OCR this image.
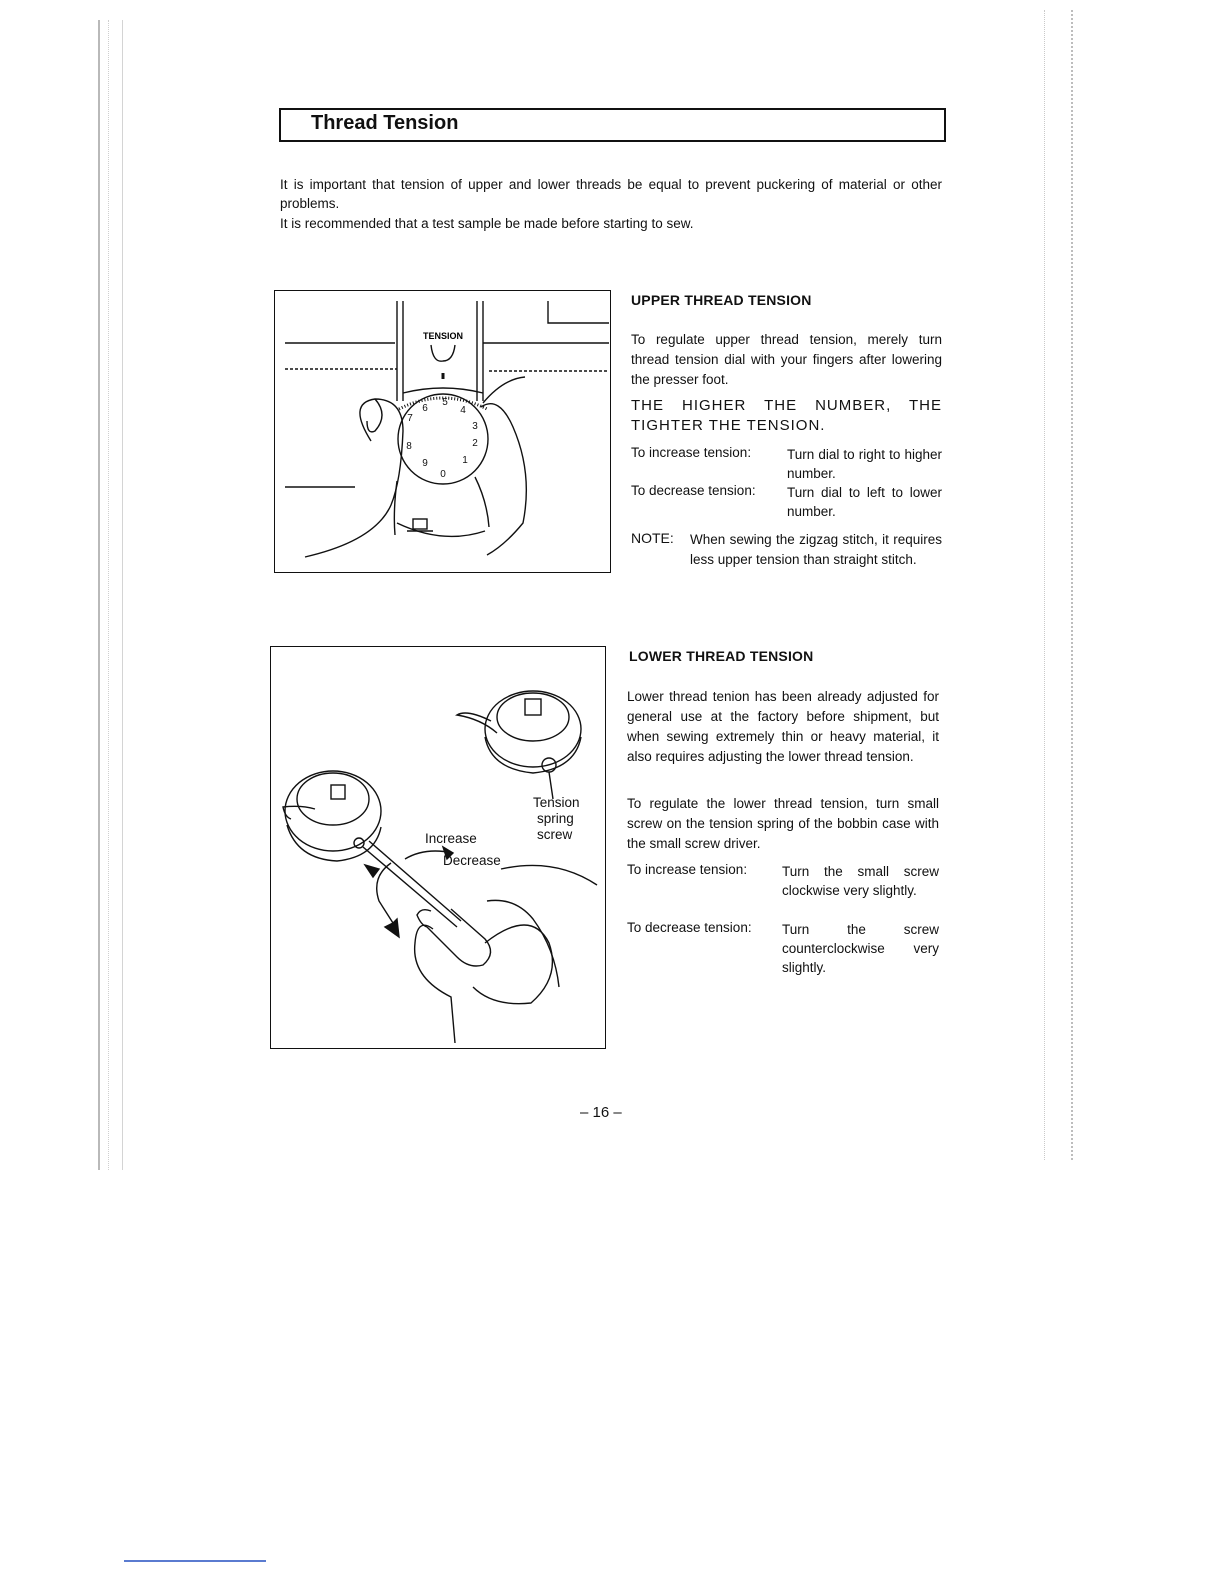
Thread Tension
It is important that tension of upper and lower threads be equal to prevent puckering of material or other problems.
It is recommended that a test sample be made before starting to sew.
TENSION
0
1
2
3
4
5
6
7
8
9
UPPER THREAD TENSION
To regulate upper thread tension, merely turn thread tension dial with your fingers after lowering the presser foot.
THE HIGHER THE NUMBER, THE TIGHTER THE TENSION.
To increase tension:	Turn dial to right to higher number.
To decrease tension: Turn dial to left to lower number.
NOTE: When sewing the zigzag stitch, it requires less upper tension than straight stitch.
Tension
spring
screw
Increase
Decrease
LOWER THREAD TENSION
Lower thread tenion has been already adjusted for general use at the factory before shipment, but when sewing extremely thin or heavy material, it also requires adjusting the lower thread tension.
To regulate the lower thread tension, turn small screw on the tension spring of the bobbin case with the small screw driver.
To increase tension:	Turn the small screw clockwise very slightly.
To decrease tension: Turn the screw counterclockwise very slightly.
– 16 –
